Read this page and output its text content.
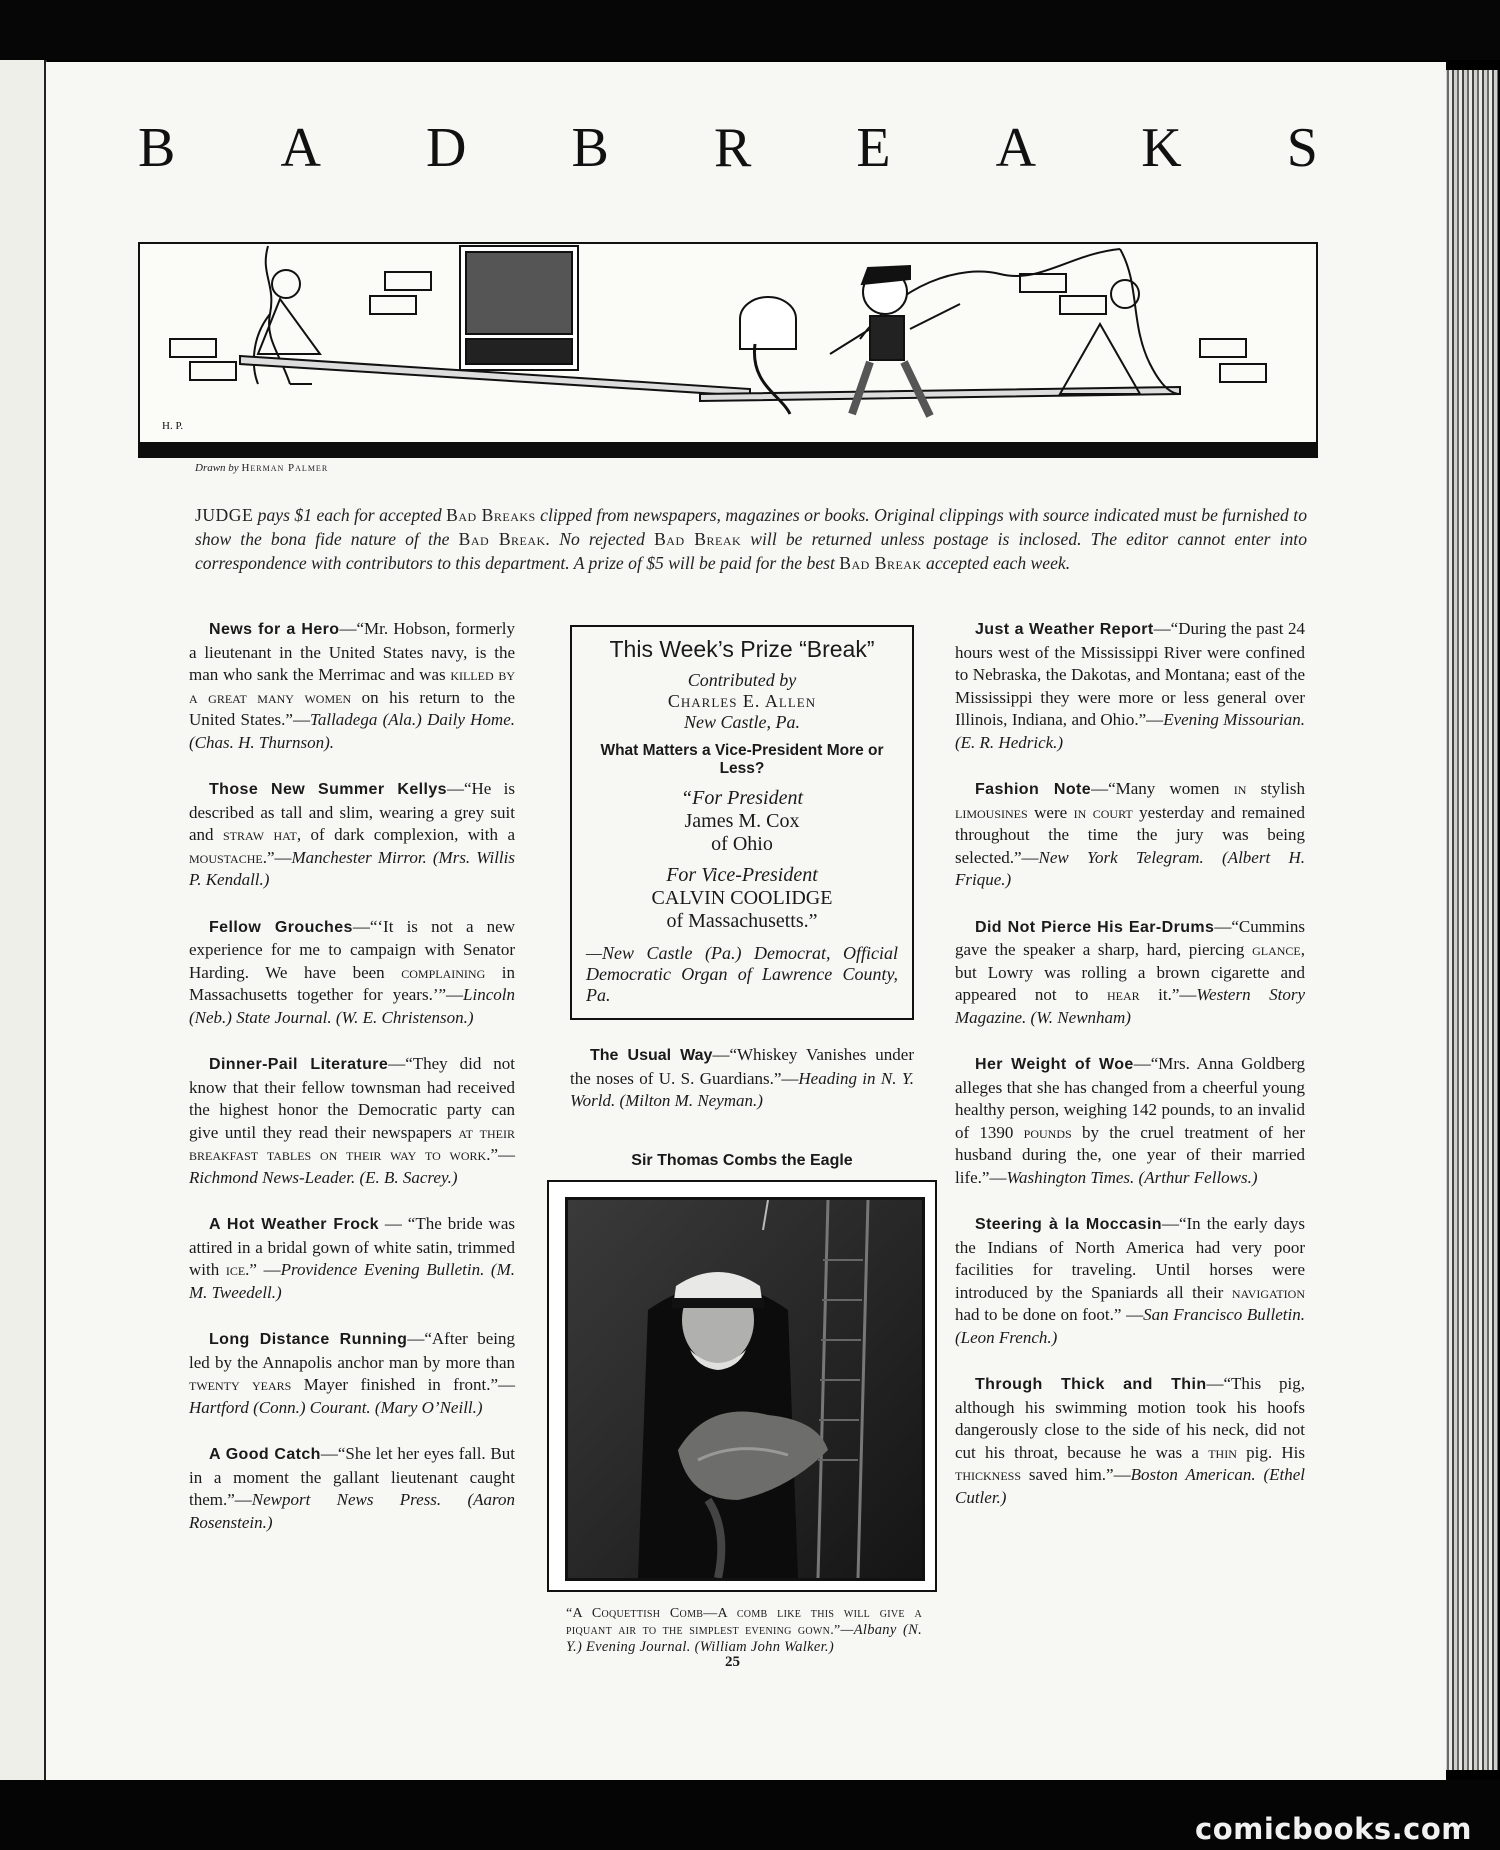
B A D B R E A K S
H. P.
Drawn by Herman Palmer
JUDGE pays $1 each for accepted Bad Breaks clipped from newspapers, magazines or books. Original clippings with source indicated must be furnished to show the bona fide nature of the Bad Break. No rejected Bad Break will be returned unless postage is inclosed. The editor cannot enter into correspondence with contributors to this department. A prize of $5 will be paid for the best Bad Break accepted each week.

News for a Hero—“Mr. Hobson, formerly a lieutenant in the United States navy, is the man who sank the Merrimac and was killed by a great many women on his return to the United States.”—Talladega (Ala.) Daily Home. (Chas. H. Thurnson).

Those New Summer Kellys—“He is described as tall and slim, wearing a grey suit and straw hat, of dark complexion, with a moustache.”—Manchester Mirror. (Mrs. Willis P. Kendall.)

Fellow Grouches—“‘It is not a new experience for me to campaign with Senator Harding. We have been complaining in Massachusetts together for years.’”—Lincoln (Neb.) State Journal. (W. E. Christenson.)

Dinner-Pail Literature—“They did not know that their fellow townsman had received the highest honor the Democratic party can give until they read their newspapers at their breakfast tables on their way to work.”—Richmond News-Leader. (E. B. Sacrey.)

A Hot Weather Frock — “The bride was attired in a bridal gown of white satin, trimmed with ice.” —Providence Evening Bulletin. (M. M. Tweedell.)

Long Distance Running—“After being led by the Annapolis anchor man by more than twenty years Mayer finished in front.”—Hartford (Conn.) Courant. (Mary O’Neill.)

A Good Catch—“She let her eyes fall. But in a moment the gallant lieutenant caught them.”—Newport News Press. (Aaron Rosenstein.)

This Week’s Prize “Break”
Contributed by
Charles E. Allen
New Castle, Pa.
What Matters a Vice-President More or Less?
“For President
James M. Cox
of Ohio
For Vice-President
CALVIN COOLIDGE
of Massachusetts.”
—New Castle (Pa.) Democrat, Official Democratic Organ of Lawrence County, Pa.
The Usual Way—“Whiskey Vanishes under the noses of U. S. Guardians.”—Heading in N. Y. World. (Milton M. Neyman.)
Sir Thomas Combs the Eagle
“A Coquettish Comb—A comb like this will give a piquant air to the simplest evening gown.”—Albany (N. Y.) Evening Journal. (William John Walker.)

Just a Weather Report—“During the past 24 hours west of the Mississippi River were confined to Nebraska, the Dakotas, and Montana; east of the Mississippi they were more or less general over Illinois, Indiana, and Ohio.”—Evening Missourian. (E. R. Hedrick.)

Fashion Note—“Many women in stylish limousines were in court yesterday and remained throughout the time the jury was being selected.”—New York Telegram. (Albert H. Frique.)

Did Not Pierce His Ear-Drums—“Cummins gave the speaker a sharp, hard, piercing glance, but Lowry was rolling a brown cigarette and appeared not to hear it.”—Western Story Magazine. (W. Newnham)

Her Weight of Woe—“Mrs. Anna Goldberg alleges that she has changed from a cheerful young healthy person, weighing 142 pounds, to an invalid of 1390 pounds by the cruel treatment of her husband during the, one year of their married life.”—Washington Times. (Arthur Fellows.)

Steering à la Moccasin—“In the early days the Indians of North America had very poor facilities for traveling. Until horses were introduced by the Spaniards all their navigation had to be done on foot.” —San Francisco Bulletin. (Leon French.)

Through Thick and Thin—“This pig, although his swimming motion took his hoofs dangerously close to the side of his neck, did not cut his throat, because he was a thin pig. His thickness saved him.”—Boston American. (Ethel Cutler.)

25
comicbooks.com
